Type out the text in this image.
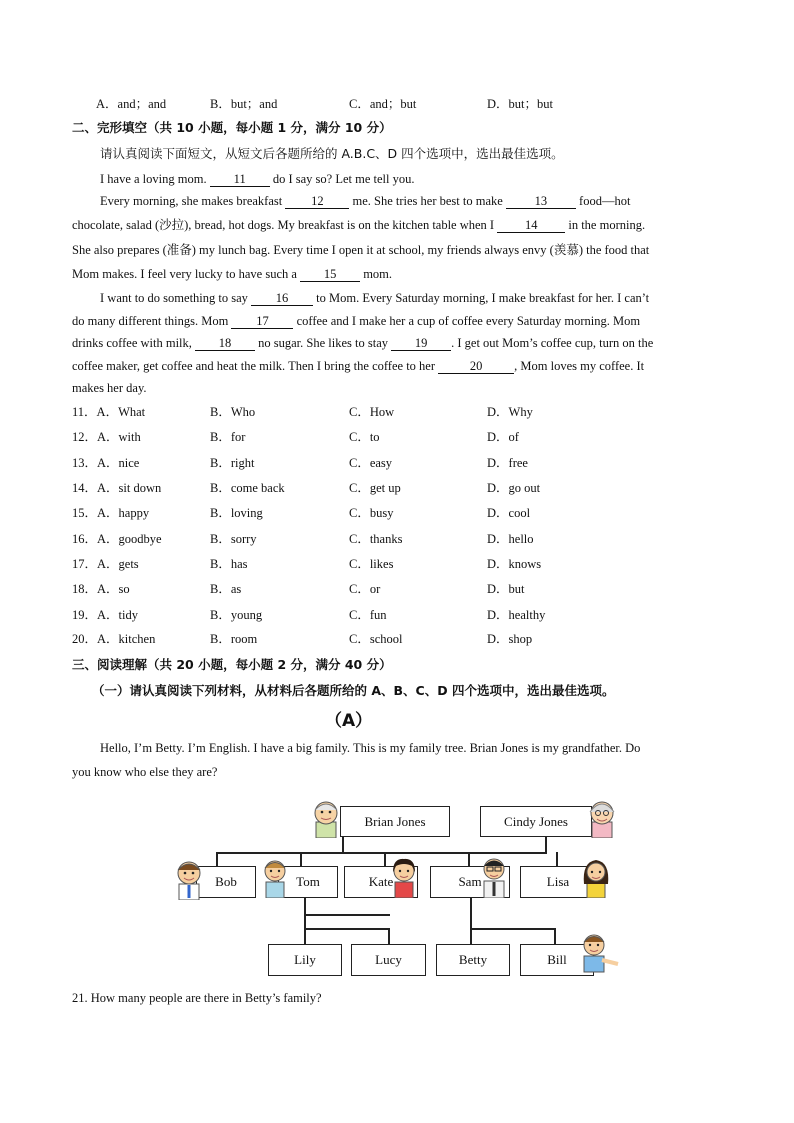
A．and；and	B．but；and	C．and；but	D．but；but
二、完形填空（共 10 小题，每小题 1 分，满分 10 分）
请认真阅读下面短文，从短文后各题所给的 A.B.C、D 四个选项中，选出最佳选项。
I have a loving mom. 11 do I say so? Let me tell you.
Every morning, she makes breakfast 12 me. She tries her best to make	13	food—hot
chocolate, salad (沙拉), bread, hot dogs. My breakfast is on the kitchen table when I 14 in the morning.
She also prepares (准备) my lunch bag. Every time I open it at school, my friends always envy (羡慕) the food that
Mom makes. I feel very lucky to have such a 15 mom.
I want to do something to say 16 to Mom. Every Saturday morning, I make breakfast for her. I can’t
do many different things. Mom 17 coffee and I make her a cup of coffee every Saturday morning. Mom
drinks coffee with milk, 18 no sugar. She likes to stay 19 . I get out Mom’s coffee cup, turn on the
coffee maker, get coffee and heat the milk. Then I bring the coffee to her	20	, Mom loves my coffee. It
makes her day.
11．A．What	B．Who	C．How	D．Why
12．A．with	B．for	C．to	D．of
13．A．nice	B．right	C．easy	D．free
14．A．sit down	B．come back	C．get up	D．go out
15．A．happy	B．loving	C．busy	D．cool
16．A．goodbye	B．sorry	C．thanks	D．hello
17．A．gets	B．has	C．likes	D．knows
18．A．so	B．as	C．or	D．but
19．A．tidy	B．young	C．fun	D．healthy
20．A．kitchen	B．room	C．school	D．shop
三、阅读理解（共 20 小题，每小题 2 分，满分 40 分）
（一）请认真阅读下列材料，从材料后各题所给的 A、B、C、D 四个选项中，选出最佳选项。
（A）
Hello, I’m Betty. I’m English. I have a big family. This is my family tree. Brian Jones is my grandfather. Do
you know who else they are?
Brian Jones	Cindy Jones
Bob	Tom	Kate	Sam	Lisa
Lily	Lucy	Betty	Bill
21. How many people are there in Betty’s family?
